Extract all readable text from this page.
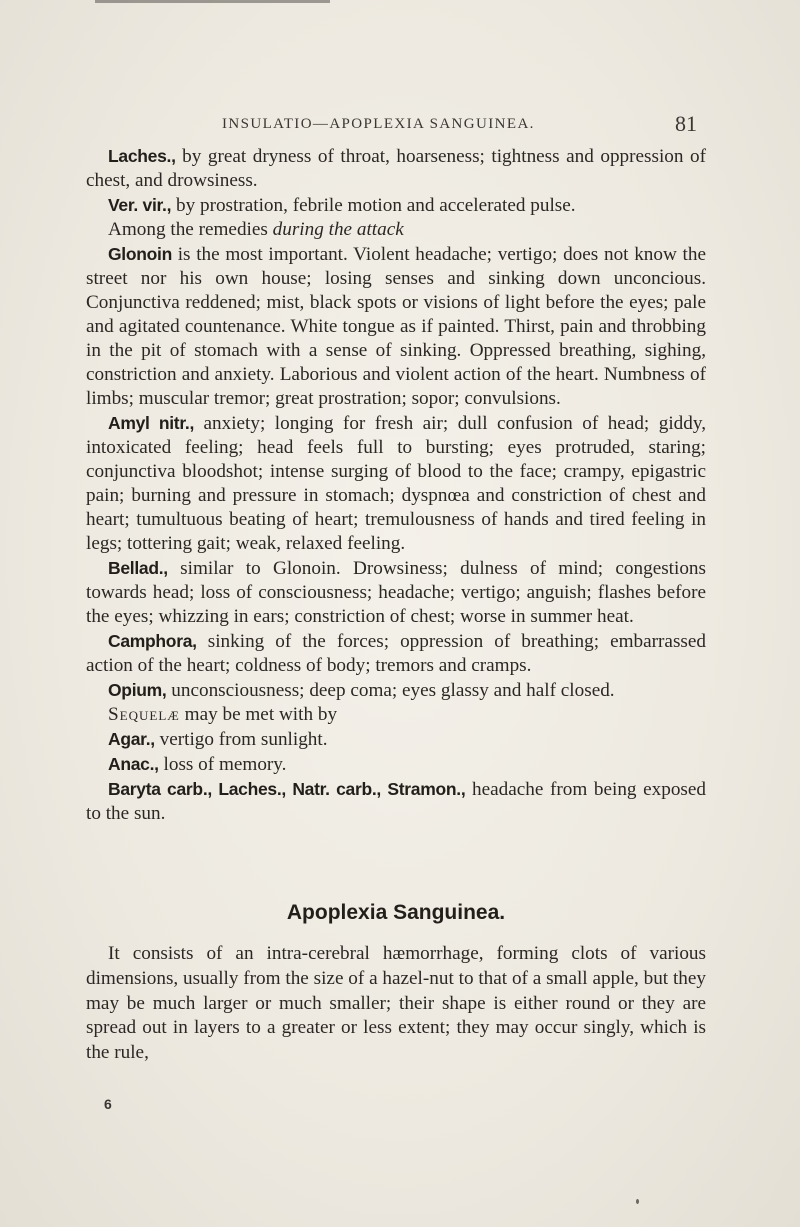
INSULATIO—APOPLEXIA SANGUINEA.	81

Laches., by great dryness of throat, hoarseness; tightness and oppression of chest, and drowsiness.

Ver. vir., by prostration, febrile motion and accelerated pulse.

Among the remedies during the attack

Glonoin is the most important. Violent headache; vertigo; does not know the street nor his own house; losing senses and sinking down unconcious. Conjunctiva reddened; mist, black spots or visions of light before the eyes; pale and agitated countenance. White tongue as if painted. Thirst, pain and throbbing in the pit of stomach with a sense of sinking. Oppressed breathing, sighing, constriction and anxiety. Laborious and violent action of the heart. Numbness of limbs; muscular tremor; great prostration; sopor; convulsions.

Amyl nitr., anxiety; longing for fresh air; dull confusion of head; giddy, intoxicated feeling; head feels full to bursting; eyes protruded, staring; conjunctiva bloodshot; intense surging of blood to the face; crampy, epigastric pain; burning and pressure in stomach; dyspnœa and constriction of chest and heart; tumultuous beating of heart; tremulousness of hands and tired feeling in legs; tottering gait; weak, relaxed feeling.

Bellad., similar to Glonoin. Drowsiness; dulness of mind; congestions towards head; loss of consciousness; headache; vertigo; anguish; flashes before the eyes; whizzing in ears; constriction of chest; worse in summer heat.

Camphora, sinking of the forces; oppression of breathing; embarrassed action of the heart; coldness of body; tremors and cramps.

Opium, unconsciousness; deep coma; eyes glassy and half closed.

Sequelæ may be met with by

Agar., vertigo from sunlight.

Anac., loss of memory.

Baryta carb., Laches., Natr. carb., Stramon., headache from being exposed to the sun.

Apoplexia Sanguinea.

It consists of an intra-cerebral hæmorrhage, forming clots of various dimensions, usually from the size of a hazel-nut to that of a small apple, but they may be much larger or much smaller; their shape is either round or they are spread out in layers to a greater or less extent; they may occur singly, which is the rule,

6
